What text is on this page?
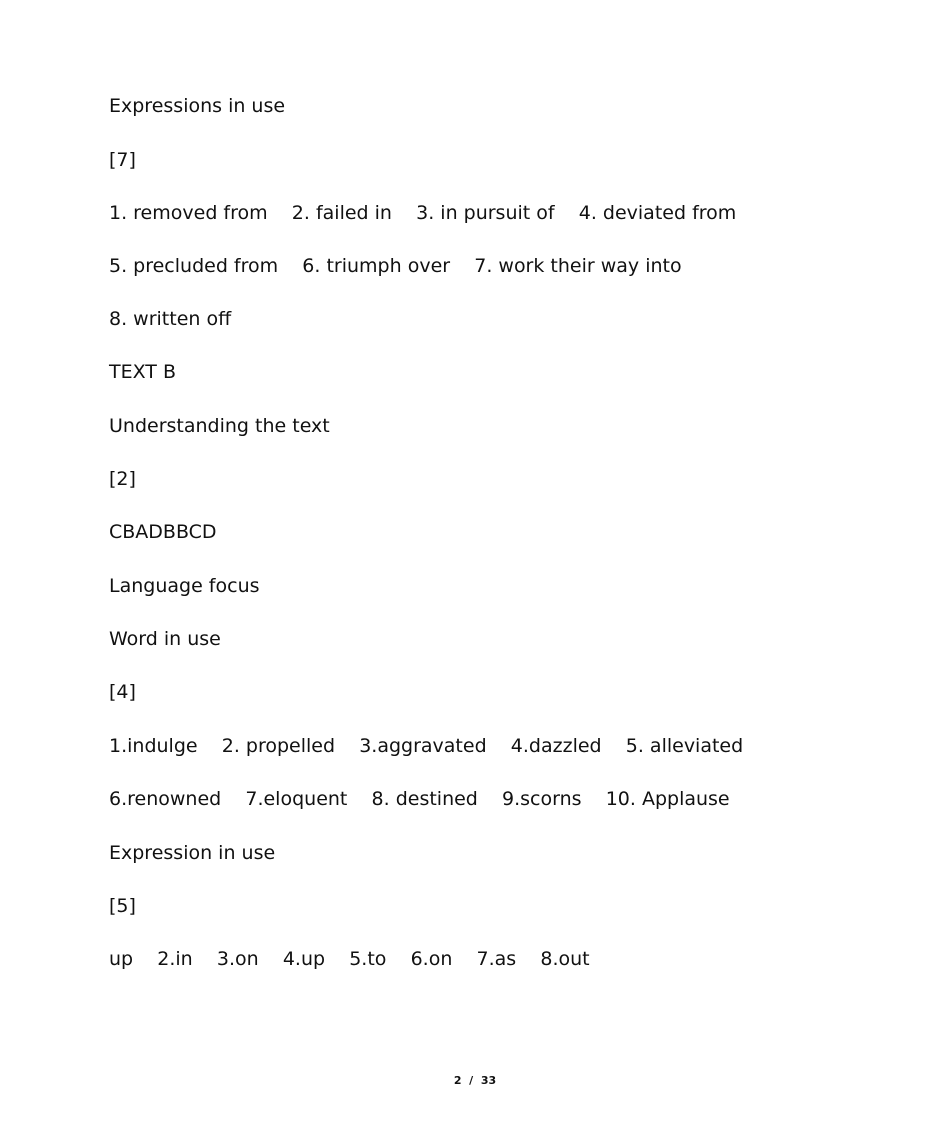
Expressions in use

[7]

1. removed from    2. failed in    3. in pursuit of    4. deviated from

5. precluded from    6. triumph over    7. work their way into

8. written off

TEXT B

Understanding the text

[2]

CBADBBCD

Language focus

Word in use

[4]

1.indulge    2. propelled    3.aggravated    4.dazzled    5. alleviated

6.renowned    7.eloquent    8. destined    9.scorns    10. Applause

Expression in use

[5]

up    2.in    3.on    4.up    5.to    6.on    7.as    8.out

2  /  33
